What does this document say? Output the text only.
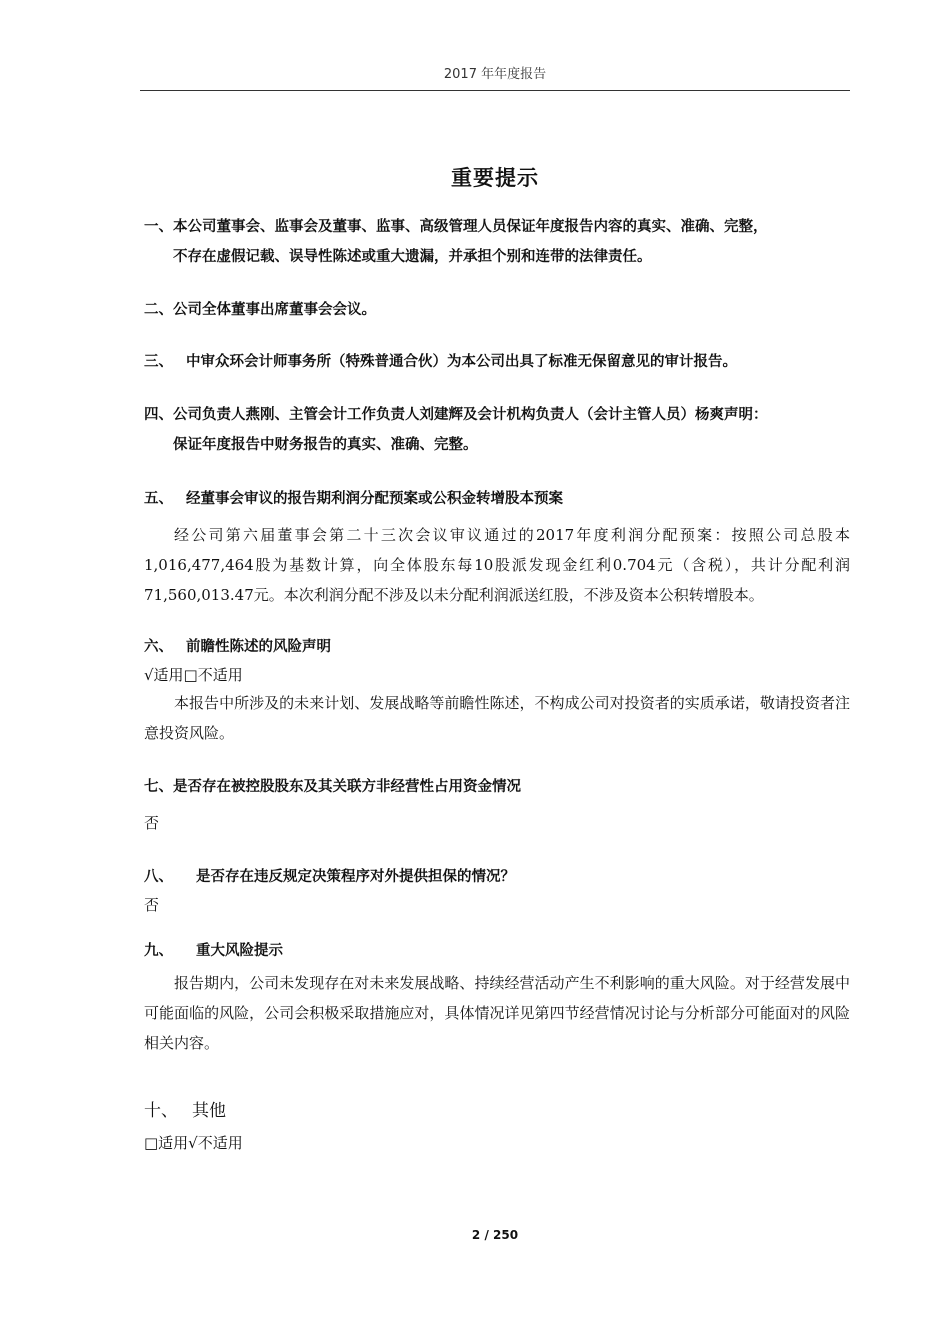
2017 年年度报告
重要提示
一、本公司董事会、监事会及董事、监事、高级管理人员保证年度报告内容的真实、准确、完整，
不存在虚假记载、误导性陈述或重大遗漏，并承担个别和连带的法律责任。
二、公司全体董事出席董事会会议。
三、 中审众环会计师事务所（特殊普通合伙）为本公司出具了标准无保留意见的审计报告。
四、公司负责人燕刚、主管会计工作负责人刘建辉及会计机构负责人（会计主管人员）杨爽声明：
保证年度报告中财务报告的真实、准确、完整。
五、 经董事会审议的报告期利润分配预案或公积金转增股本预案
经公司第六届董事会第二十三次会议审议通过的2017年度利润分配预案：按照公司总股本1,016,477,464股为基数计算，向全体股东每10股派发现金红利0.704元（含税），共计分配利润71,560,013.47元。本次利润分配不涉及以未分配利润派送红股，不涉及资本公积转增股本。
六、 前瞻性陈述的风险声明
√适用□不适用
本报告中所涉及的未来计划、发展战略等前瞻性陈述，不构成公司对投资者的实质承诺，敬请投资者注意投资风险。
七、是否存在被控股股东及其关联方非经营性占用资金情况
否
八、 是否存在违反规定决策程序对外提供担保的情况？
否
九、 重大风险提示
报告期内，公司未发现存在对未来发展战略、持续经营活动产生不利影响的重大风险。对于经营发展中可能面临的风险，公司会积极采取措施应对，具体情况详见第四节经营情况讨论与分析部分可能面对的风险相关内容。
十、 其他
□适用√不适用
2 / 250
